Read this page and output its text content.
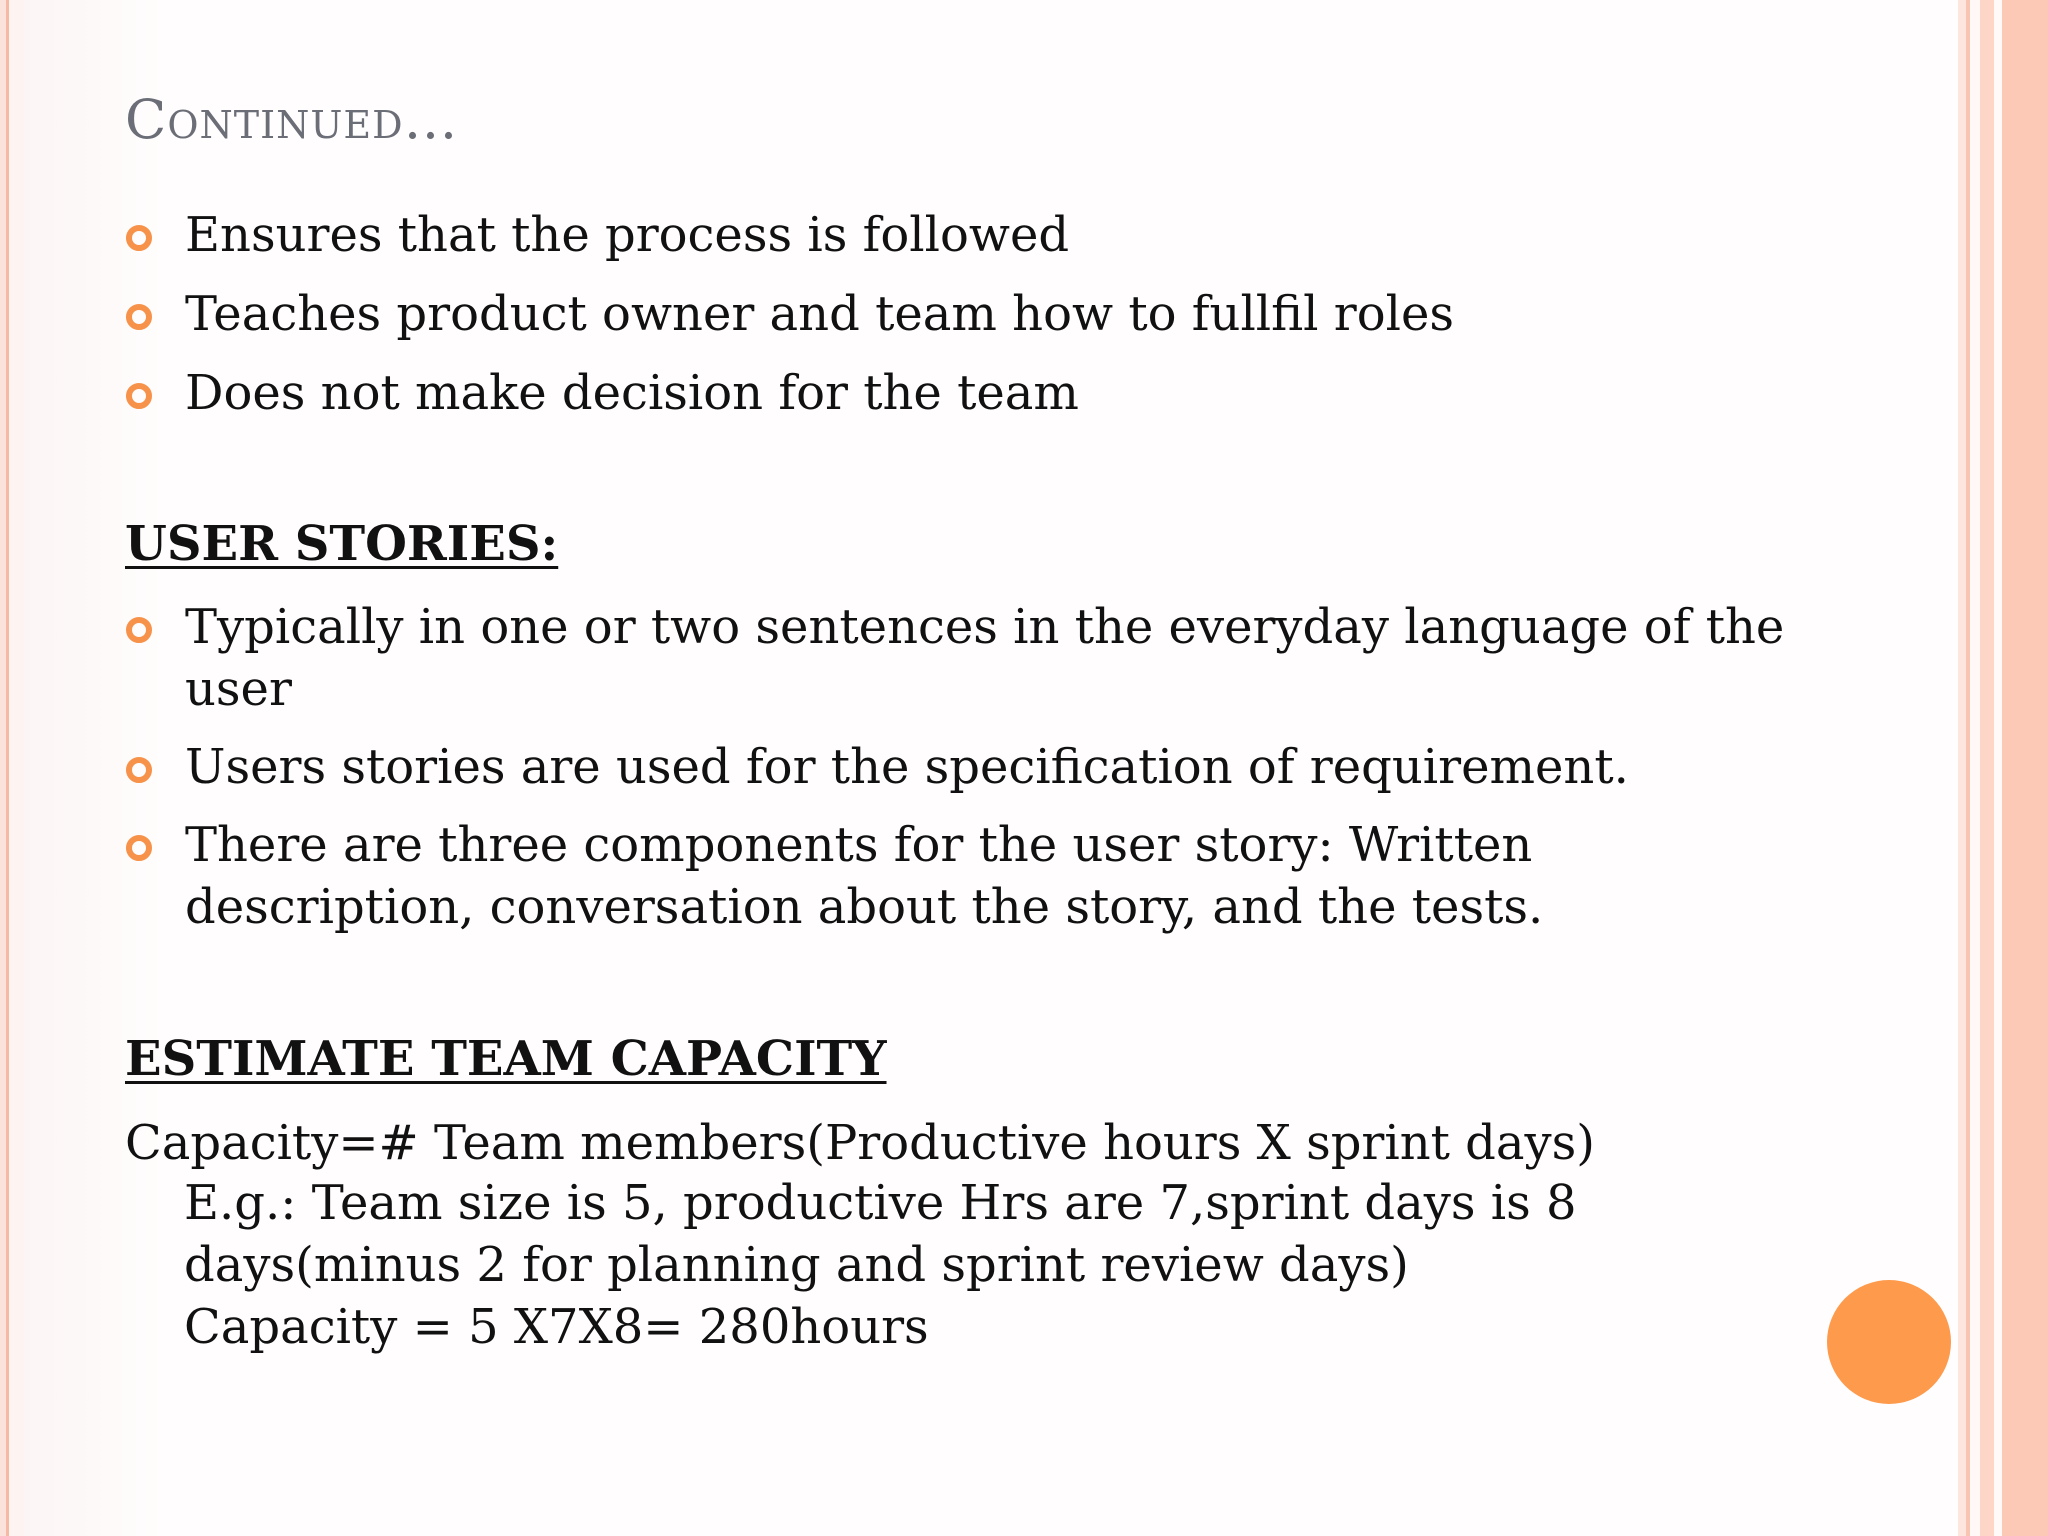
Continued…
Ensures that the process is followed
Teaches product owner and team how to fullfil roles
Does not make decision for the team
USER STORIES:
Typically in one or two sentences in the everyday language of the
user
Users stories are used for the specification of requirement.
There are three components for the user story: Written
description, conversation about the story, and the tests.
ESTIMATE TEAM CAPACITY
Capacity=# Team members(Productive hours X sprint days)
E.g.: Team size is 5, productive Hrs are 7,sprint days is 8
days(minus 2 for planning and sprint review days)
Capacity = 5 X7X8= 280hours
